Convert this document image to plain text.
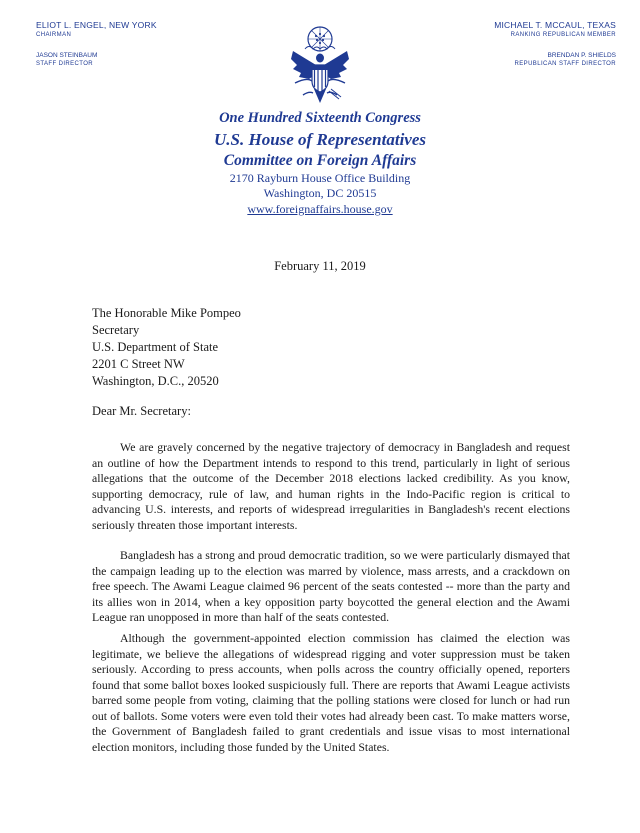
ELIOT L. ENGEL, NEW YORK
CHAIRMAN
JASON STEINBAUM
STAFF DIRECTOR
MICHAEL T. MCCAUL, TEXAS
RANKING REPUBLICAN MEMBER
BRENDAN P. SHIELDS
REPUBLICAN STAFF DIRECTOR
One Hundred Sixteenth Congress
U.S. House of Representatives
Committee on Foreign Affairs
2170 Rayburn House Office Building
Washington, DC 20515
www.foreignaffairs.house.gov
February 11, 2019
The Honorable Mike Pompeo
Secretary
U.S. Department of State
2201 C Street NW
Washington, D.C., 20520
Dear Mr. Secretary:

We are gravely concerned by the negative trajectory of democracy in Bangladesh and request an outline of how the Department intends to respond to this trend, particularly in light of serious allegations that the outcome of the December 2018 elections lacked credibility. As you know, supporting democracy, rule of law, and human rights in the Indo-Pacific region is critical to advancing U.S. interests, and reports of widespread irregularities in Bangladesh's recent elections seriously threaten those important interests.

Bangladesh has a strong and proud democratic tradition, so we were particularly dismayed that the campaign leading up to the election was marred by violence, mass arrests, and a crackdown on free speech. The Awami League claimed 96 percent of the seats contested -- more than the party and its allies won in 2014, when a key opposition party boycotted the general election and the Awami League ran unopposed in more than half of the seats contested.

Although the government-appointed election commission has claimed the election was legitimate, we believe the allegations of widespread rigging and voter suppression must be taken seriously. According to press accounts, when polls across the country officially opened, reporters found that some ballot boxes looked suspiciously full. There are reports that Awami League activists barred some people from voting, claiming that the polling stations were closed for lunch or had run out of ballots. Some voters were even told their votes had already been cast. To make matters worse, the Government of Bangladesh failed to grant credentials and issue visas to most international election monitors, including those funded by the United States.
